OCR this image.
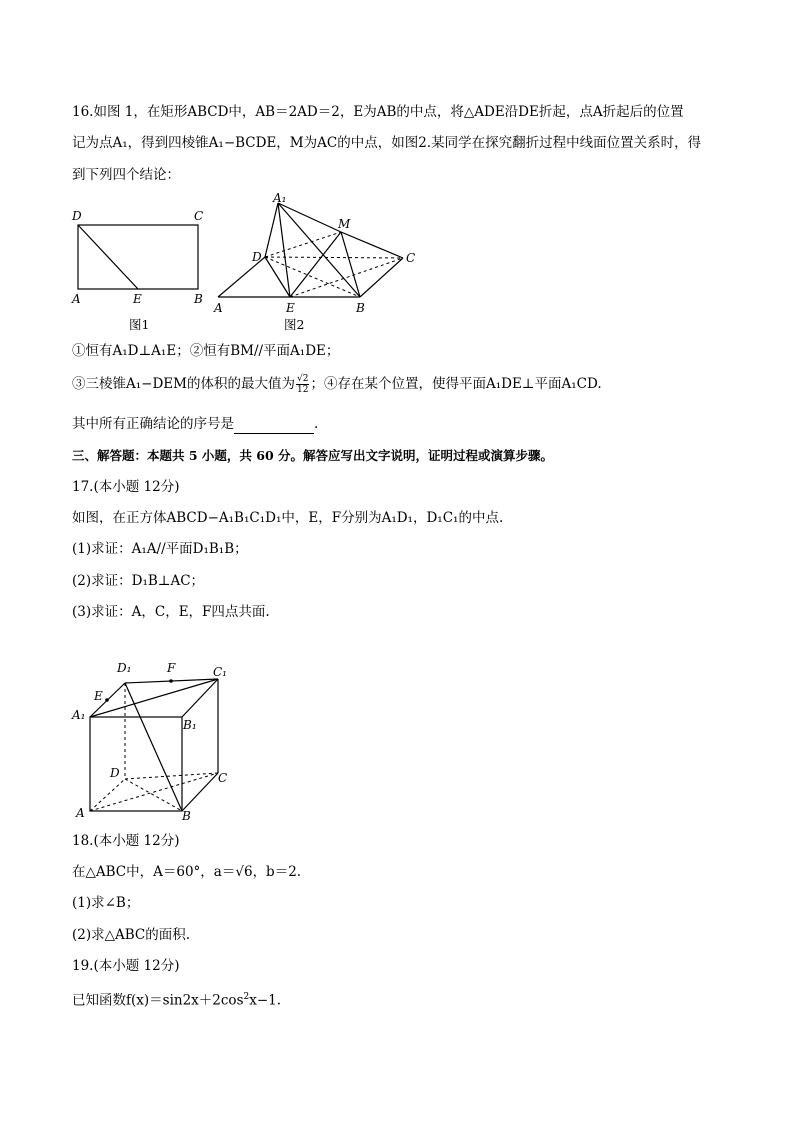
16.如图 1，在矩形ABCD中，AB＝2AD＝2，E为AB的中点，将△ADE沿DE折起，点A折起后的位置
记为点A₁，得到四棱锥A₁−BCDE，M为AC的中点，如图2.某同学在探究翻折过程中线面位置关系时，得
到下列四个结论：
D	C
A	E	B
图1
A₁
M
D	C
A	E	B
图2
①恒有A₁D⊥A₁E；②恒有BM//平面A₁DE；
③三棱锥A₁−DEM的体积的最大值为 $\frac{√2}{12}$ ；④存在某个位置，使得平面A₁DE⊥平面A₁CD.
其中所有正确结论的序号是	.
三、解答题：本题共 5 小题，共 60 分。解答应写出文字说明，证明过程或演算步骤。
17.(本小题 12分)
如图，在正方体ABCD−A₁B₁C₁D₁中，E，F分别为A₁D₁，D₁C₁的中点.
(1)求证：A₁A//平面D₁B₁B；
(2)求证：D₁B⊥AC；
(3)求证：A，C，E，F四点共面.
D₁	F	C₁
E
A₁
B₁
D	C
A	B
18.(本小题 12分)
在△ABC中，A＝60°，a＝√6，b＝2.
(1)求∠B；
(2)求△ABC的面积.
19.(本小题 12分)
已知函数$f(x)=\sin 2x+2\cos^2x-1$.
